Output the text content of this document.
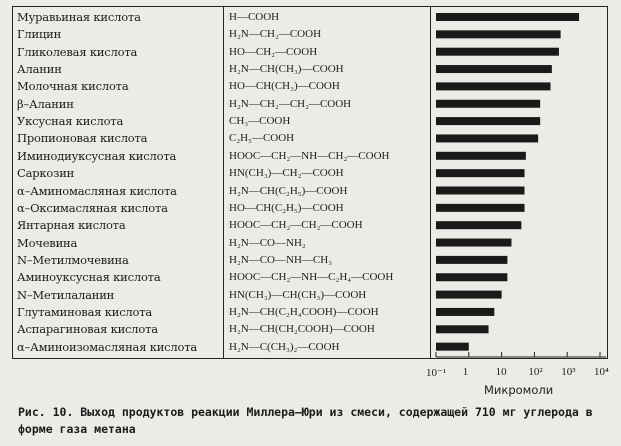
Муравьиная кислота	H—COOH
Глицин	H₂N—CH₂—COOH
Гликолевая кислота	HO—CH₂—COOH
Аланин	H₂N—CH(CH₃)—COOH
Молочная кислота	HO—CH(CH₃)—COOH
β–Аланин	H₂N—CH₂—CH₂—COOH
Уксусная кислота	CH₃—COOH
Пропионовая кислота	C₂H₅—COOH
Иминодиуксусная кислота	HOOC—CH₂—NH—CH₂—COOH
Саркозин	HN(CH₃)—CH₂—COOH
α–Аминомасляная кислота	H₂N—CH(C₂H₅)—COOH
α–Оксимасляная кислота	HO—CH(C₂H₅)—COOH
Янтарная кислота	HOOC—CH₂—CH₂—COOH
Мочевина	H₂N—CO—NH₂
N–Метилмочевина	H₂N—CO—NH—CH₃
Аминоуксусная кислота	HOOC—CH₂—NH—C₂H₄—COOH
N–Метилаланин	HN(CH₃)—CH(CH₃)—COOH
Глутаминовая кислота	H₂N—CH(C₂H₄COOH)—COOH
Аспарагиновая кислота	H₂N—CH(CH₂COOH)—COOH
α–Аминоизомасляная кислота	H₂N—C(CH₃)₂—COOH
10⁻¹ 1 10 10² 10³ 10⁴
Микромоли
Рис. 10. Выход продуктов реакции Миллера—Юри из смеси, содержащей 710 мг углерода в форме газа метана
